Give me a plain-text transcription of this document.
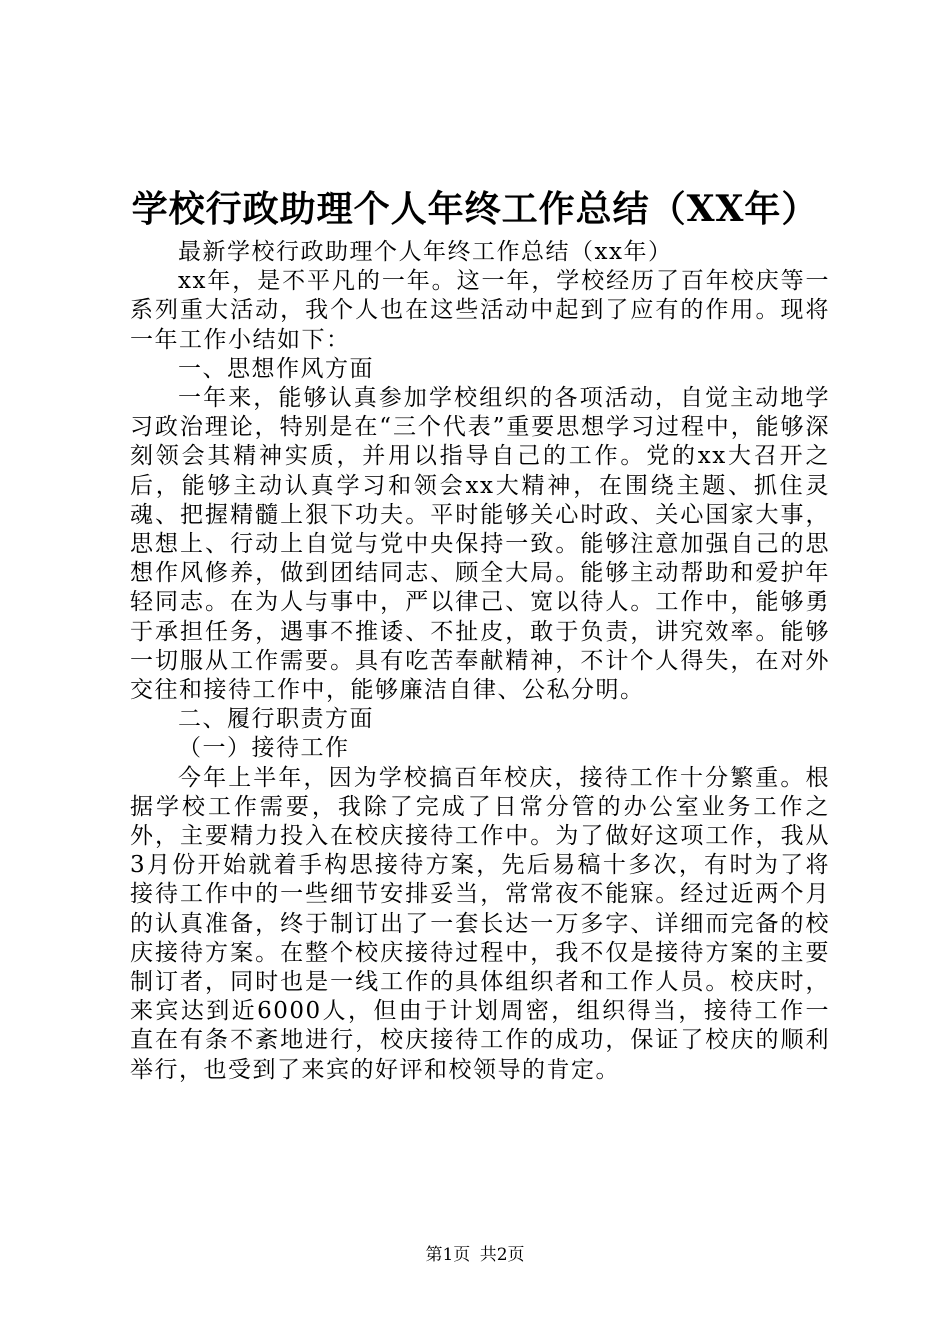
学校行政助理个人年终工作总结（XX年）

最新学校行政助理个人年终工作总结（xx年）

xx年，是不平凡的一年。这一年，学校经历了百年校庆等一系列重大活动，我个人也在这些活动中起到了应有的作用。现将一年工作小结如下：

一、思想作风方面

一年来，能够认真参加学校组织的各项活动，自觉主动地学习政治理论，特别是在“三个代表”重要思想学习过程中，能够深刻领会其精神实质，并用以指导自己的工作。党的xx大召开之后，能够主动认真学习和领会xx大精神，在围绕主题、抓住灵魂、把握精髓上狠下功夫。平时能够关心时政、关心国家大事，思想上、行动上自觉与党中央保持一致。能够注意加强自己的思想作风修养，做到团结同志、顾全大局。能够主动帮助和爱护年轻同志。在为人与事中，严以律己、宽以待人。工作中，能够勇于承担任务，遇事不推诿、不扯皮，敢于负责，讲究效率。能够一切服从工作需要。具有吃苦奉献精神，不计个人得失，在对外交往和接待工作中，能够廉洁自律、公私分明。

二、履行职责方面

（一）接待工作

今年上半年，因为学校搞百年校庆，接待工作十分繁重。根据学校工作需要，我除了完成了日常分管的办公室业务工作之外，主要精力投入在校庆接待工作中。为了做好这项工作，我从3月份开始就着手构思接待方案，先后易稿十多次，有时为了将接待工作中的一些细节安排妥当，常常夜不能寐。经过近两个月的认真准备，终于制订出了一套长达一万多字、详细而完备的校庆接待方案。在整个校庆接待过程中，我不仅是接待方案的主要制订者，同时也是一线工作的具体组织者和工作人员。校庆时，来宾达到近6000人，但由于计划周密，组织得当，接待工作一直在有条不紊地进行，校庆接待工作的成功，保证了校庆的顺利举行，也受到了来宾的好评和校领导的肯定。

第1页 共2页
